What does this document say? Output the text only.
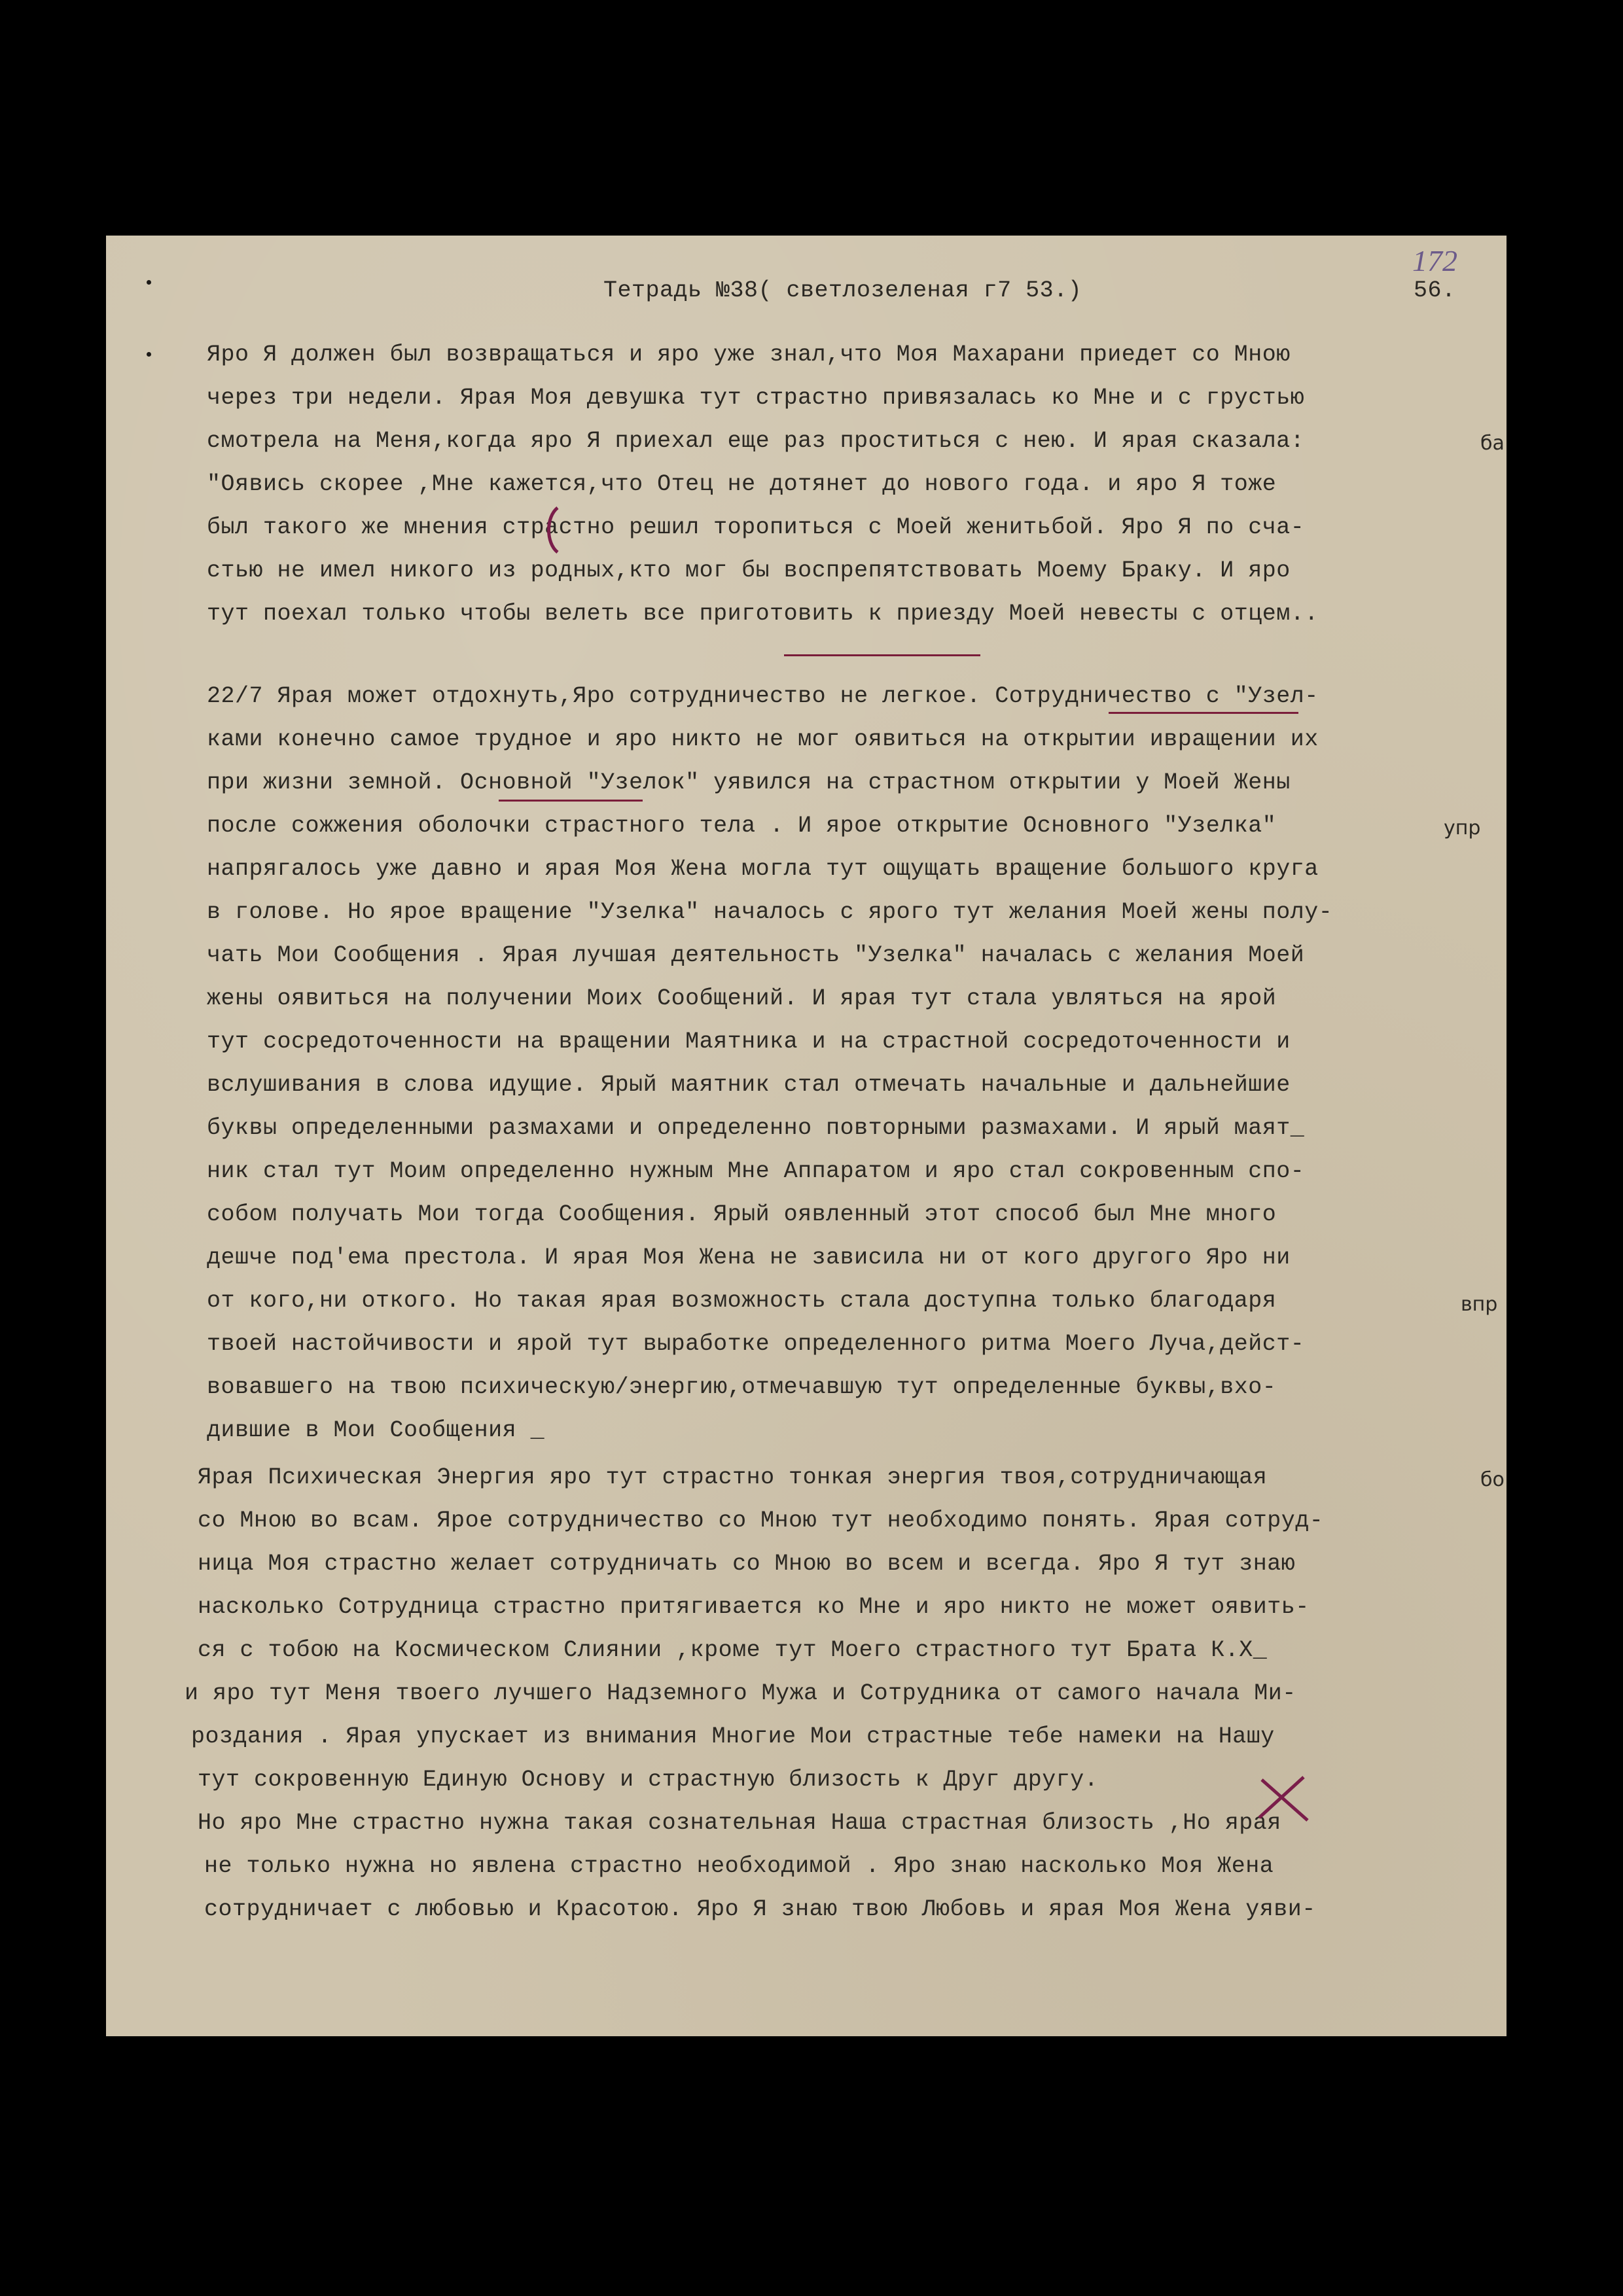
172
Тетрадь №38( светлозеленая г7 53.)	56.
Яро Я должен был возвращаться и яро уже знал,что Моя Махарани приедет со Мною
через три недели. Ярая Моя девушка тут страстно привязалась ко Мне и с грустью
смотрела на Меня,когда яро Я приехал еще раз проститься с нею. И ярая сказала:
"Оявись скорее ,Мне кажется,что Отец не дотянет до нового года. и яро Я тоже
был такого же мнения страстно решил торопиться с Моей женитьбой. Яро Я по сча-
стью не имел никого из родных,кто мог бы воспрепятствовать Моему Браку. И яро
тут поехал только чтобы велеть все приготовить к приезду Моей невесты с отцем..
22/7 Ярая может отдохнуть,Яро сотрудничество не легкое. Сотрудничество с "Узел-
ками конечно самое трудное и яро никто не мог оявиться на открытии ивращении их
при жизни земной. Основной "Узелок" уявился на страстном открытии у Моей Жены
после сожжения оболочки страстного тела . И ярое открытие Основного "Узелка"
напрягалось уже давно и ярая Моя Жена могла тут ощущать вращение большого круга
в голове. Но ярое вращение "Узелка" началось с ярого тут желания Моей жены полу-
чать Мои Сообщения . Ярая лучшая деятельность "Узелка" началась с желания Моей
жены оявиться на получении Моих Сообщений. И ярая тут стала увляться на ярой
тут сосредоточенности на вращении Маятника и на страстной сосредоточенности и
вслушивания в слова идущие. Ярый маятник стал отмечать начальные и дальнейшие
буквы определенными размахами и определенно повторными размахами. И ярый маят_
ник стал тут Моим определенно нужным Мне Аппаратом и яро стал сокровенным спо-
собом получать Мои тогда Сообщения. Ярый оявленный этот способ был Мне много
дешче под'ема престола. И ярая Моя Жена не зависила ни от кого другого Яро ни
от кого,ни откого. Но такая ярая возможность стала доступна только благодаря
твоей настойчивости и ярой тут выработке определенного ритма Моего Луча,дейст-
вовавшего на твою психическую/энергию,отмечавшую тут определенные буквы,вхо-
дившие в Мои Сообщения _
Ярая Психическая Энергия яро тут страстно тонкая энергия твоя,сотрудничающая
со Мною во всам. Ярое сотрудничество со Мною тут необходимо понять. Ярая сотруд-
ница Моя страстно желает сотрудничать со Мною во всем и всегда. Яро Я тут знаю
насколько Сотрудница страстно притягивается ко Мне и яро никто не может оявить-
ся с тобою на Космическом Слиянии ,кроме тут Моего страстного тут Брата К.Х_
и яро тут Меня твоего лучшего Надземного Мужа и Сотрудника от самого начала Ми-
роздания . Ярая упускает из внимания Многие Мои страстные тебе намеки на Нашу
тут сокровенную Единую Основу и страстную близость к Друг другу.
Но яро Мне страстно нужна такая сознательная Наша страстная близость ,Но ярая
не только нужна но явлена страстно необходимой . Яро знаю насколько Моя Жена
сотрудничает с любовью и Красотою. Яро Я знаю твою Любовь и ярая Моя Жена уяви-
упр
ба
бо
впр
